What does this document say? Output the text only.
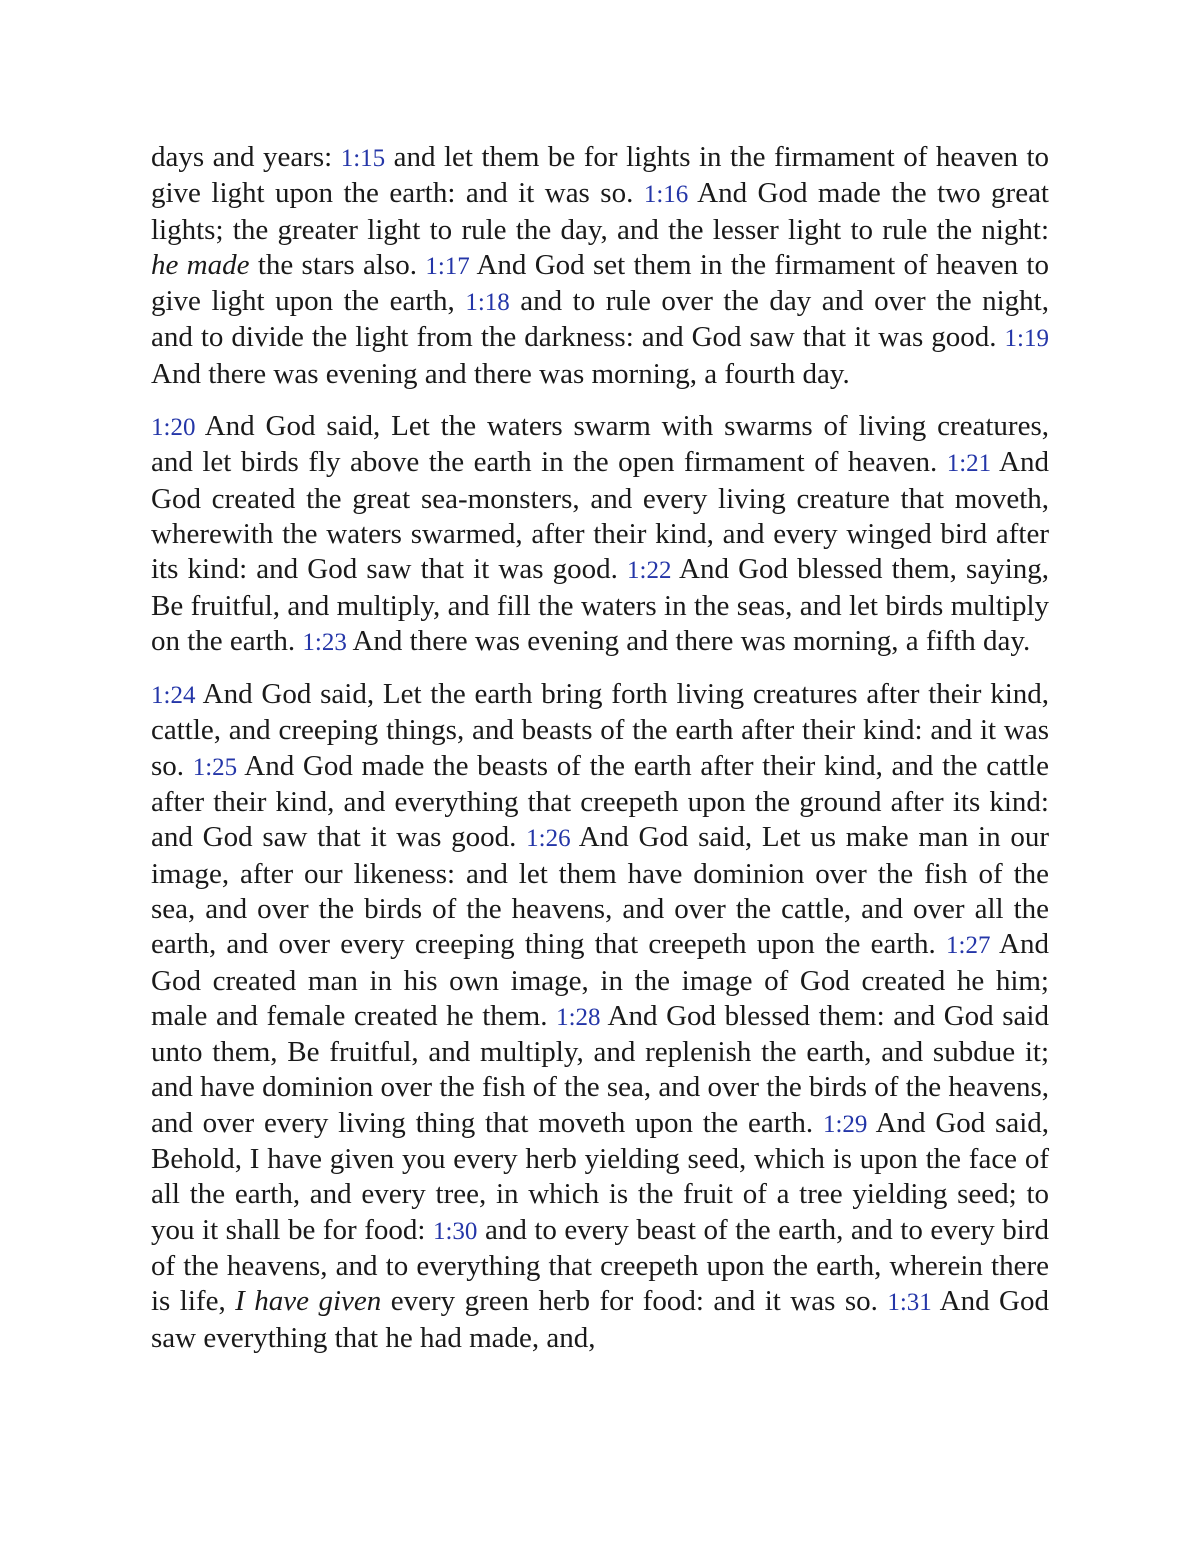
days and years: 1:15 and let them be for lights in the firmament of heaven to give light upon the earth: and it was so. 1:16 And God made the two great lights; the greater light to rule the day, and the lesser light to rule the night: he made the stars also. 1:17 And God set them in the firmament of heaven to give light upon the earth, 1:18 and to rule over the day and over the night, and to divide the light from the darkness: and God saw that it was good. 1:19 And there was evening and there was morning, a fourth day.

1:20 And God said, Let the waters swarm with swarms of living creatures, and let birds fly above the earth in the open firmament of heaven. 1:21 And God created the great sea-monsters, and every living creature that moveth, wherewith the waters swarmed, after their kind, and every winged bird after its kind: and God saw that it was good. 1:22 And God blessed them, saying, Be fruitful, and multiply, and fill the waters in the seas, and let birds multiply on the earth. 1:23 And there was evening and there was morning, a fifth day.

1:24 And God said, Let the earth bring forth living creatures after their kind, cattle, and creeping things, and beasts of the earth after their kind: and it was so. 1:25 And God made the beasts of the earth after their kind, and the cattle after their kind, and everything that creepeth upon the ground after its kind: and God saw that it was good. 1:26 And God said, Let us make man in our image, after our likeness: and let them have dominion over the fish of the sea, and over the birds of the heavens, and over the cattle, and over all the earth, and over every creeping thing that creepeth upon the earth. 1:27 And God created man in his own image, in the image of God created he him; male and female created he them. 1:28 And God blessed them: and God said unto them, Be fruitful, and multiply, and replenish the earth, and subdue it; and have dominion over the fish of the sea, and over the birds of the heavens, and over every living thing that moveth upon the earth. 1:29 And God said, Behold, I have given you every herb yielding seed, which is upon the face of all the earth, and every tree, in which is the fruit of a tree yielding seed; to you it shall be for food: 1:30 and to every beast of the earth, and to every bird of the heavens, and to everything that creepeth upon the earth, wherein there is life, I have given every green herb for food: and it was so. 1:31 And God saw everything that he had made, and,
